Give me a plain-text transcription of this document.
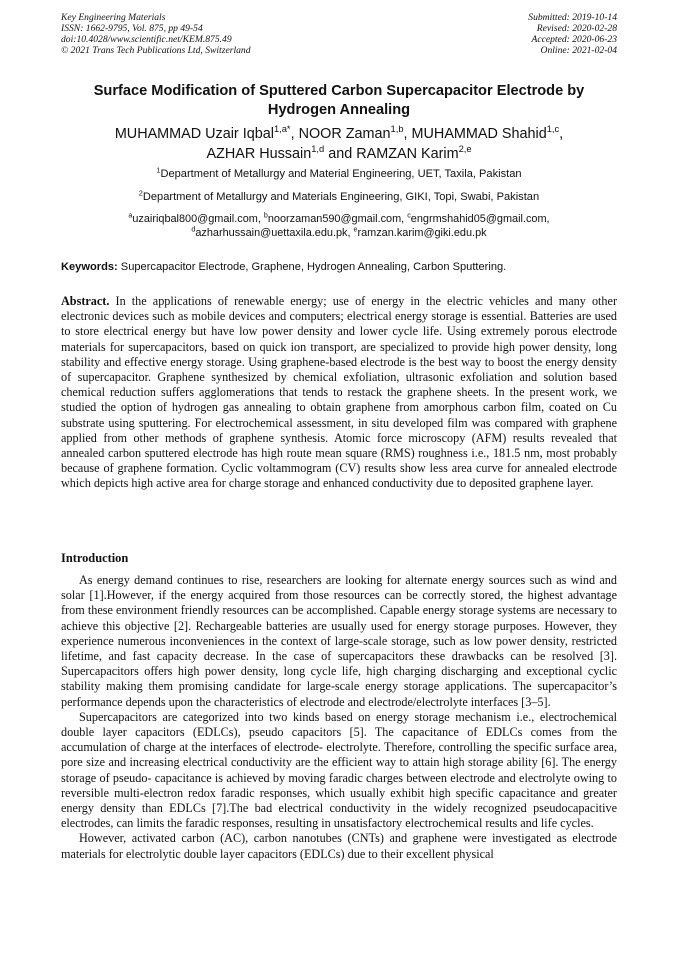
Key Engineering Materials
ISSN: 1662-9795, Vol. 875, pp 49-54
doi:10.4028/www.scientific.net/KEM.875.49
© 2021 Trans Tech Publications Ltd, Switzerland
Submitted: 2019-10-14
Revised: 2020-02-28
Accepted: 2020-06-23
Online: 2021-02-04
Surface Modification of Sputtered Carbon Supercapacitor Electrode by Hydrogen Annealing
MUHAMMAD Uzair Iqbal$^{1,a*}$, NOOR Zaman$^{1,b}$, MUHAMMAD Shahid$^{1,c}$,
AZHAR Hussain$^{1,d}$ and RAMZAN Karim$^{2,e}$
$^1$Department of Metallurgy and Material Engineering, UET, Taxila, Pakistan
$^2$Department of Metallurgy and Materials Engineering, GIKI, Topi, Swabi, Pakistan
$^a$uzairiqbal800@gmail.com, $^b$noorzaman590@gmail.com, $^c$engrmshahid05@gmail.com,
$^d$azharhussain@uettaxila.edu.pk, $^e$ramzan.karim@giki.edu.pk
Keywords: Supercapacitor Electrode, Graphene, Hydrogen Annealing, Carbon Sputtering.

Abstract. In the applications of renewable energy; use of energy in the electric vehicles and many other electronic devices such as mobile devices and computers; electrical energy storage is essential. Batteries are used to store electrical energy but have low power density and lower cycle life. Using extremely porous electrode materials for supercapacitors, based on quick ion transport, are specialized to provide high power density, long stability and effective energy storage. Using graphene-based electrode is the best way to boost the energy density of supercapacitor. Graphene synthesized by chemical exfoliation, ultrasonic exfoliation and solution based chemical reduction suffers agglomerations that tends to restack the graphene sheets. In the present work, we studied the option of hydrogen gas annealing to obtain graphene from amorphous carbon film, coated on Cu substrate using sputtering. For electrochemical assessment, in situ developed film was compared with graphene applied from other methods of graphene synthesis. Atomic force microscopy (AFM) results revealed that annealed carbon sputtered electrode has high route mean square (RMS) roughness i.e., 181.5 nm, most probably because of graphene formation. Cyclic voltammogram (CV) results show less area curve for annealed electrode which depicts high active area for charge storage and enhanced conductivity due to deposited graphene layer.

Introduction

As energy demand continues to rise, researchers are looking for alternate energy sources such as wind and solar [1].However, if the energy acquired from those resources can be correctly stored, the highest advantage from these environment friendly resources can be accomplished. Capable energy storage systems are necessary to achieve this objective [2]. Rechargeable batteries are usually used for energy storage purposes. However, they experience numerous inconveniences in the context of large-scale storage, such as low power density, restricted lifetime, and fast capacity decrease. In the case of supercapacitors these drawbacks can be resolved [3]. Supercapacitors offers high power density, long cycle life, high charging discharging and exceptional cyclic stability making them promising candidate for large-scale energy storage applications. The supercapacitor’s performance depends upon the characteristics of electrode and electrode/electrolyte interfaces [3–5].

Supercapacitors are categorized into two kinds based on energy storage mechanism i.e., electrochemical double layer capacitors (EDLCs), pseudo capacitors [5]. The capacitance of EDLCs comes from the accumulation of charge at the interfaces of electrode- electrolyte. Therefore, controlling the specific surface area, pore size and increasing electrical conductivity are the efficient way to attain high storage ability [6]. The energy storage of pseudo- capacitance is achieved by moving faradic charges between electrode and electrolyte owing to reversible multi-electron redox faradic responses, which usually exhibit high specific capacitance and greater energy density than EDLCs [7].The bad electrical conductivity in the widely recognized pseudocapacitive electrodes, can limits the faradic responses, resulting in unsatisfactory electrochemical results and life cycles.

However, activated carbon (AC), carbon nanotubes (CNTs) and graphene were investigated as electrode materials for electrolytic double layer capacitors (EDLCs) due to their excellent physical
